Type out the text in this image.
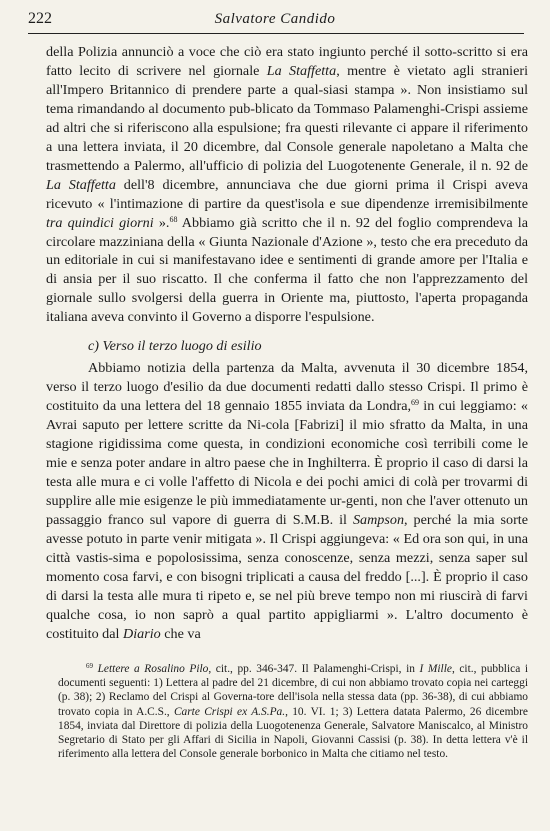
222	Salvatore Candido

della Polizia annunciò a voce che ciò era stato ingiunto perché il sotto-scritto si era fatto lecito di scrivere nel giornale La Staffetta, mentre è vietato agli stranieri all'Impero Britannico di prendere parte a qual-siasi stampa ». Non insistiamo sul tema rimandando al documento pub-blicato da Tommaso Palamenghi-Crispi assieme ad altri che si riferiscono alla espulsione; fra questi rilevante ci appare il riferimento a una lettera inviata, il 20 dicembre, dal Console generale napoletano a Malta che trasmettendo a Palermo, all'ufficio di polizia del Luogotenente Generale, il n. 92 de La Staffetta dell'8 dicembre, annunciava che due giorni prima il Crispi aveva ricevuto « l'intimazione di partire da quest'isola e sue dipendenze irremisibilmente tra quindici giorni ».$^{68}$ Abbiamo già scritto che il n. 92 del foglio comprendeva la circolare mazziniana della « Giunta Nazionale d'Azione », testo che era preceduto da un editoriale in cui si manifestavano idee e sentimenti di grande amore per l'Italia e di ansia per il suo riscatto. Il che conferma il fatto che non l'apprezzamento del giornale sullo svolgersi della guerra in Oriente ma, piuttosto, l'aperta propaganda italiana aveva convinto il Governo a disporre l'espulsione.

c) Verso il terzo luogo di esilio

Abbiamo notizia della partenza da Malta, avvenuta il 30 dicembre 1854, verso il terzo luogo d'esilio da due documenti redatti dallo stesso Crispi. Il primo è costituito da una lettera del 18 gennaio 1855 inviata da Londra,$^{69}$ in cui leggiamo: « Avrai saputo per lettere scritte da Ni-cola [Fabrizi] il mio sfratto da Malta, in una stagione rigidissima come questa, in condizioni economiche così terribili come le mie e senza poter andare in altro paese che in Inghilterra. È proprio il caso di darsi la testa alle mura e ci volle l'affetto di Nicola e dei pochi amici di colà per trovarmi di supplire alle mie esigenze le più immediatamente ur-genti, non che l'aver ottenuto un passaggio franco sul vapore di guerra di S.M.B. il Sampson, perché la mia sorte avesse potuto in parte venir mitigata ». Il Crispi aggiungeva: « Ed ora son qui, in una città vastis-sima e popolosissima, senza conoscenze, senza mezzi, senza saper sul momento cosa farvi, e con bisogni triplicati a causa del freddo [...]. È proprio il caso di darsi la testa alle mura ti ripeto e, se nel più breve tempo non mi riuscirà di farvi qualche cosa, io non saprò a qual partito appigliarmi ». L'altro documento è costituito dal Diario che va

$^{69}$ Lettere a Rosalino Pilo, cit., pp. 346-347. Il Palamenghi-Crispi, in I Mille, cit., pubblica i documenti seguenti: 1) Lettera al padre del 21 dicembre, di cui non abbiamo trovato copia nei carteggi (p. 38); 2) Reclamo del Crispi al Governa-tore dell'isola nella stessa data (pp. 36-38), di cui abbiamo trovato copia in A.C.S., Carte Crispi ex A.S.Pa., 10. VI. 1; 3) Lettera datata Palermo, 26 dicembre 1854, inviata dal Direttore di polizia della Luogotenenza Generale, Salvatore Maniscalco, al Ministro Segretario di Stato per gli Affari di Sicilia in Napoli, Giovanni Cassisi (p. 38). In detta lettera v'è il riferimento alla lettera del Console generale borbonico in Malta che citiamo nel testo.
